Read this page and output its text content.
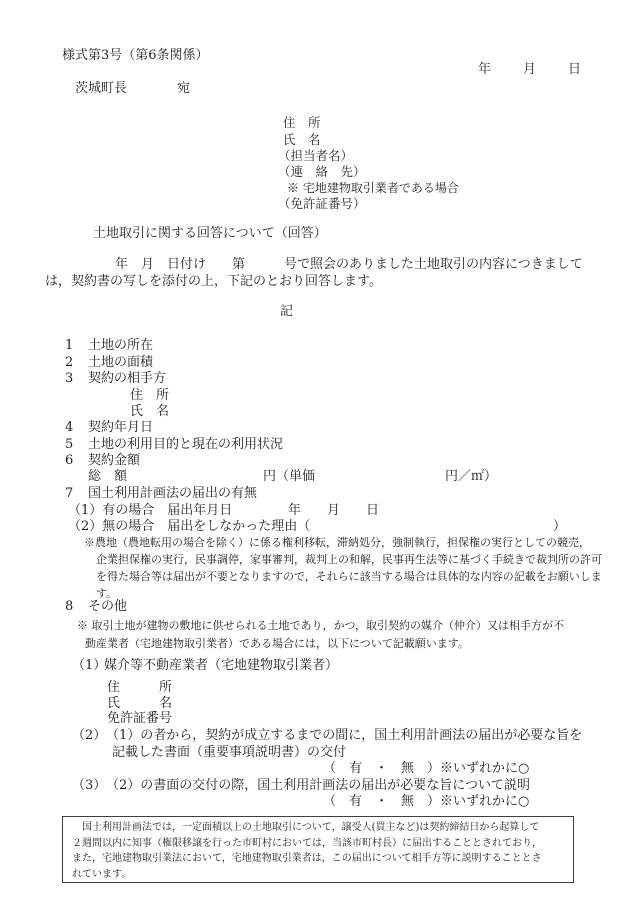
様式第3号（第6条関係）
年　　月　　日

茨城町長

	宛

住　所
氏　名
（担当者名）
（連　絡　先）
※ 宅地建物取引業者である場合
（免許証番号）
土地取引に関する回答について（回答）
年　月　日付け　　第　　　号で照会のありました土地取引の内容につきまして
は，契約書の写しを添付の上，下記のとおり回答します。
記

1

土地の所在

2

土地の面積

3

契約の相手方

住　所
氏　名

4

契約年月日

5

土地の利用目的と現在の利用状況

6

契約金額

総　額

	円（単価

	円／㎡）

7

国土利用計画法の届出の有無

（1）有の場合　届出年月日

	年　　月　　日

（2）無の場合　届出をしなかった理由（

	）

※農地（農地転用の場合を除く）に係る権利移転，滞納処分，強制執行，担保権の実行としての競売，
企業担保権の実行，民事調停，家事審判，裁判上の和解，民事再生法等に基づく手続きで裁判所の許可
を得た場合等は届出が不要となりますので，それらに該当する場合は具体的な内容の記載をお願いしま
す。

8

その他

※ 取引土地が建物の敷地に供せられる土地であり，かつ，取引契約の媒介（仲介）又は相手方が不
動産業者（宅地建物取引業者）である場合には，以下について記載願います。

（1）

媒介等不動産業者（宅地建物取引業者）

住　　　所
氏　　　名
免許証番号

（2）

（1）の者から，契約が成立するまでの間に，国土利用計画法の届出が必要な旨を

記載した書面（重要事項説明書）の交付
（　有　・　無　）※いずれかに○

（3）

（2）の書面の交付の際，国土利用計画法の届出が必要な旨について説明

（　有　・　無　）※いずれかに○
　国土利用計画法では，一定面積以上の土地取引について，譲受人(買主など)は契約締結日から起算して
２週間以内に知事（権限移譲を行った市町村においては，当該市町村長）に届出することとされており，
また，宅地建物取引業法において，宅地建物取引業者は，この届出について相手方等に説明することとさ
れています。
